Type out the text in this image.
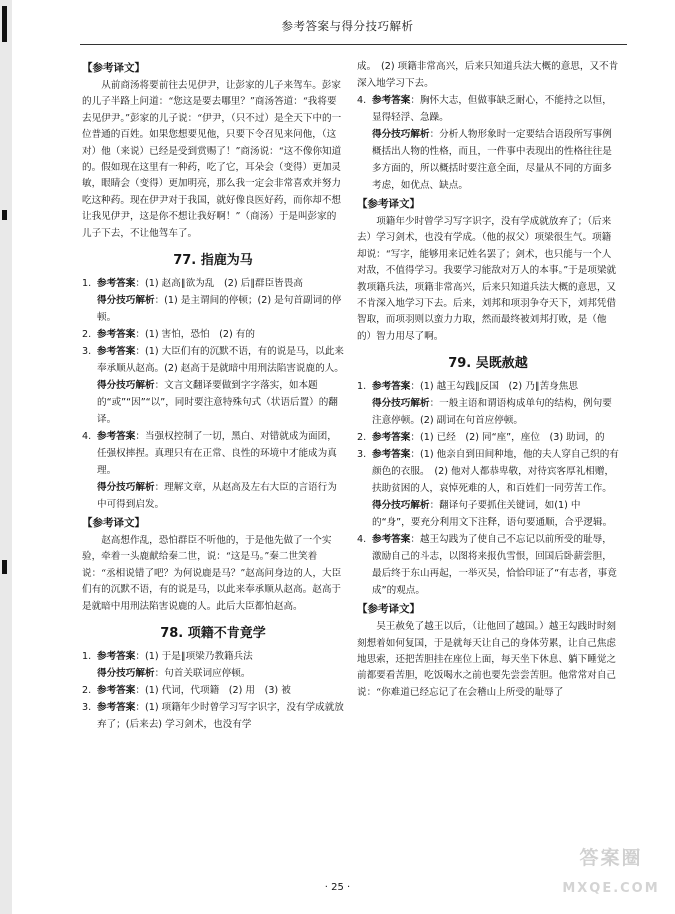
参考答案与得分技巧解析
【 参考译文 】

从前商汤将要前往去见伊尹，让彭家的儿子来驾车。彭家的儿子半路上问道：“您这是要去哪里？”商汤答道：“我将要去见伊尹。”彭家的儿子说：“伊尹，（只不过）是全天下中的一位普通的百姓。如果您想要见他，只要下令召见来问他，（这对）他（来说）已经是受到赏赐了！”商汤说：“这不像你知道的。假如现在这里有一种药，吃了它，耳朵会（变得）更加灵敏，眼睛会（变得）更加明亮，那么我一定会非常喜欢并努力吃这种药。现在伊尹对于我国，就好像良医好药，而你却不想让我见伊尹，这是你不想让我好啊！”（商汤）于是叫彭家的儿子下去，不让他驾车了。

77. 指鹿为马

1. 参考答案：(1) 赵高∥欲为乱　(2) 后∥群臣皆畏高

得分技巧解析：(1) 是主谓间的停顿；(2) 是句首副词的停顿。

2. 参考答案：(1) 害怕，恐怕　(2) 有的

3. 参考答案：(1) 大臣们有的沉默不语，有的说是马，以此来奉承顺从赵高。(2) 赵高于是就暗中用刑法陷害说鹿的人。

得分技巧解析：文言文翻译要做到字字落实，如本题的“或”“因”“以”，同时要注意特殊句式（状语后置）的翻译。

4. 参考答案：当强权控制了一切，黑白、对错就成为面团，任强权摔捏。真理只有在正常、良性的环境中才能成为真理。

得分技巧解析：理解文章，从赵高及左右大臣的言语行为中可得到启发。

【 参考译文 】

赵高想作乱，恐怕群臣不听他的，于是他先做了一个实验，牵着一头鹿献给秦二世，说：“这是马。”秦二世笑着说：“丞相说错了吧？为何说鹿是马？”赵高问身边的人，大臣们有的沉默不语，有的说是马，以此来奉承顺从赵高。赵高于是就暗中用刑法陷害说鹿的人。此后大臣都怕赵高。

78. 项籍不肯竟学

1. 参考答案：(1) 于是∥项梁乃教籍兵法

得分技巧解析：句首关联词应停顿。

2. 参考答案：(1) 代词，代项籍　(2) 用　(3) 被

3. 参考答案：(1) 项籍年少时曾学习写字识字，没有学成就放弃了；(后来去) 学习剑术，也没有学

成。　(2) 项籍非常高兴，后来只知道兵法大概的意思，又不肯深入地学习下去。

4. 参考答案：胸怀大志，但做事缺乏耐心，不能持之以恒，显得轻浮、急躁。

得分技巧解析：分析人物形象时一定要结合语段所写事例概括出人物的性格，而且，一件事中表现出的性格往往是多方面的，所以概括时要注意全面，尽量从不同的方面多考虑，如优点、缺点。

【 参考译文 】

项籍年少时曾学习写字识字，没有学成就放弃了；（后来去）学习剑术，也没有学成。（他的叔父）项梁很生气。项籍却说：“写字，能够用来记姓名罢了；剑术，也只能与一个人对敌，不值得学习。我要学习能敌对万人的本事。”于是项梁就教项籍兵法，项籍非常高兴，后来只知道兵法大概的意思，又不肯深入地学习下去。后来，刘邦和项羽争夺天下，刘邦凭借智取，而项羽则以蛮力力取，然而最终被刘邦打败，是（他的）智力用尽了啊。

79. 吴既赦越

1. 参考答案：(1) 越王勾践∥反国　(2) 乃∥苦身焦思

得分技巧解析：一般主语和谓语构成单句的结构，例句要注意停顿。(2) 副词在句首应停顿。

2. 参考答案：(1) 已经　(2) 同“座”，座位　(3) 助词，的

3. 参考答案：(1) 他亲自到田间种地，他的夫人穿自己织的有颜色的衣服。　(2) 他对人都恭卑敬，对待宾客厚礼相赠，扶助贫困的人，哀悼死难的人，和百姓们一同劳苦工作。

得分技巧解析：翻译句子要抓住关键词，如(1) 中的“身”，要充分利用文下注释，语句要通顺，合乎逻辑。

4. 参考答案：越王勾践为了使自己不忘记以前所受的耻辱，激励自己的斗志，以图将来报仇雪恨，回国后卧薪尝胆，最后终于东山再起，一举灭吴，恰恰印证了“有志者，事竟成”的观点。

【 参考译文 】

吴王赦免了越王以后，（让他回了越国。）越王勾践时时刻刻想着如何复国，于是就每天让自己的身体劳累，让自己焦虑地思索，还把苦胆挂在座位上面，每天坐下休息、躺下睡觉之前都要看苦胆，吃饭喝水之前也要先尝尝苦胆。他常常对自己说：“你难道已经忘记了在会稽山上所受的耻辱了

答案圈
MXQE.COM
· 25 ·
